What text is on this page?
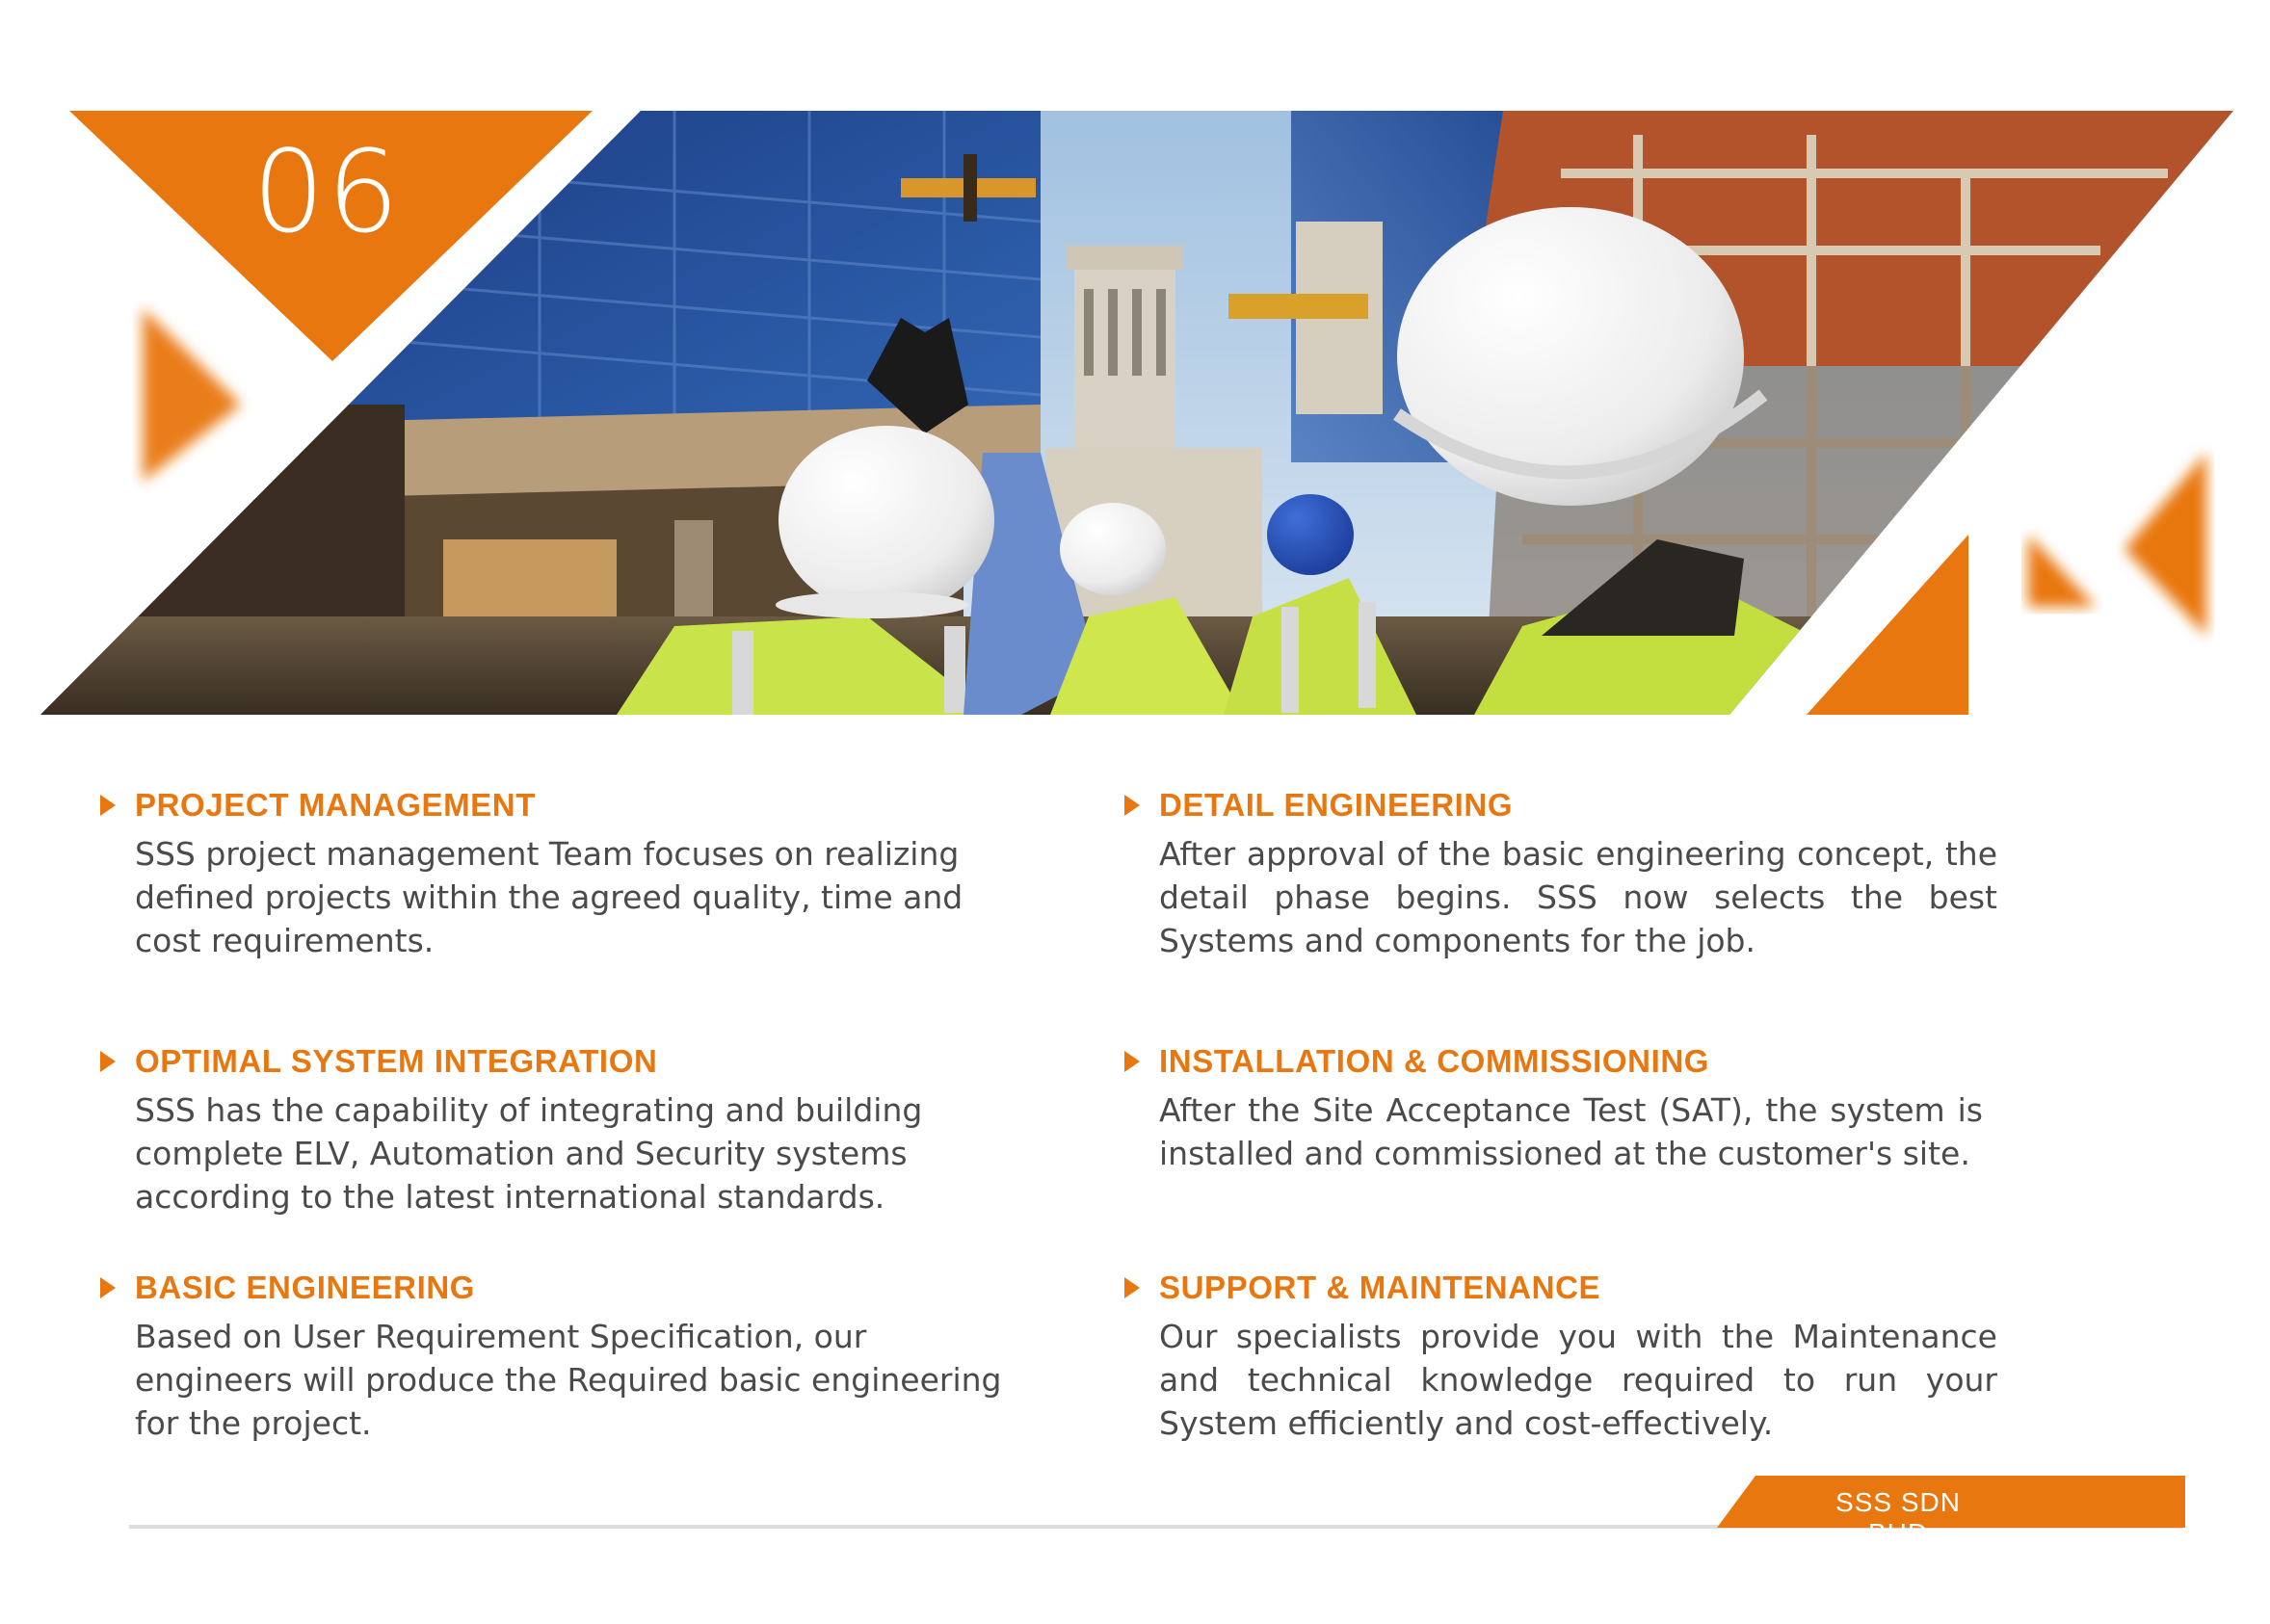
06
PROJECT MANAGEMENT
SSS project management Team focuses on realizing defined projects within the agreed quality, time and cost requirements.
OPTIMAL SYSTEM INTEGRATION
SSS has the capability of integrating and building complete ELV, Automation and Security systems according to the latest international standards.
BASIC ENGINEERING
Based on User Requirement Specification, our engineers will produce the Required basic engineering for the project.
DETAIL ENGINEERING
After approval of the basic engineering concept, the detail phase begins. SSS now selects the best Systems and components for the job.
INSTALLATION & COMMISSIONING
After the Site Acceptance Test (SAT), the system is installed and commissioned at the customer's site.
SUPPORT & MAINTENANCE
Our specialists provide you with the Maintenance and technical knowledge required to run your System efficiently and cost-effectively.
SSS SDN BHD
